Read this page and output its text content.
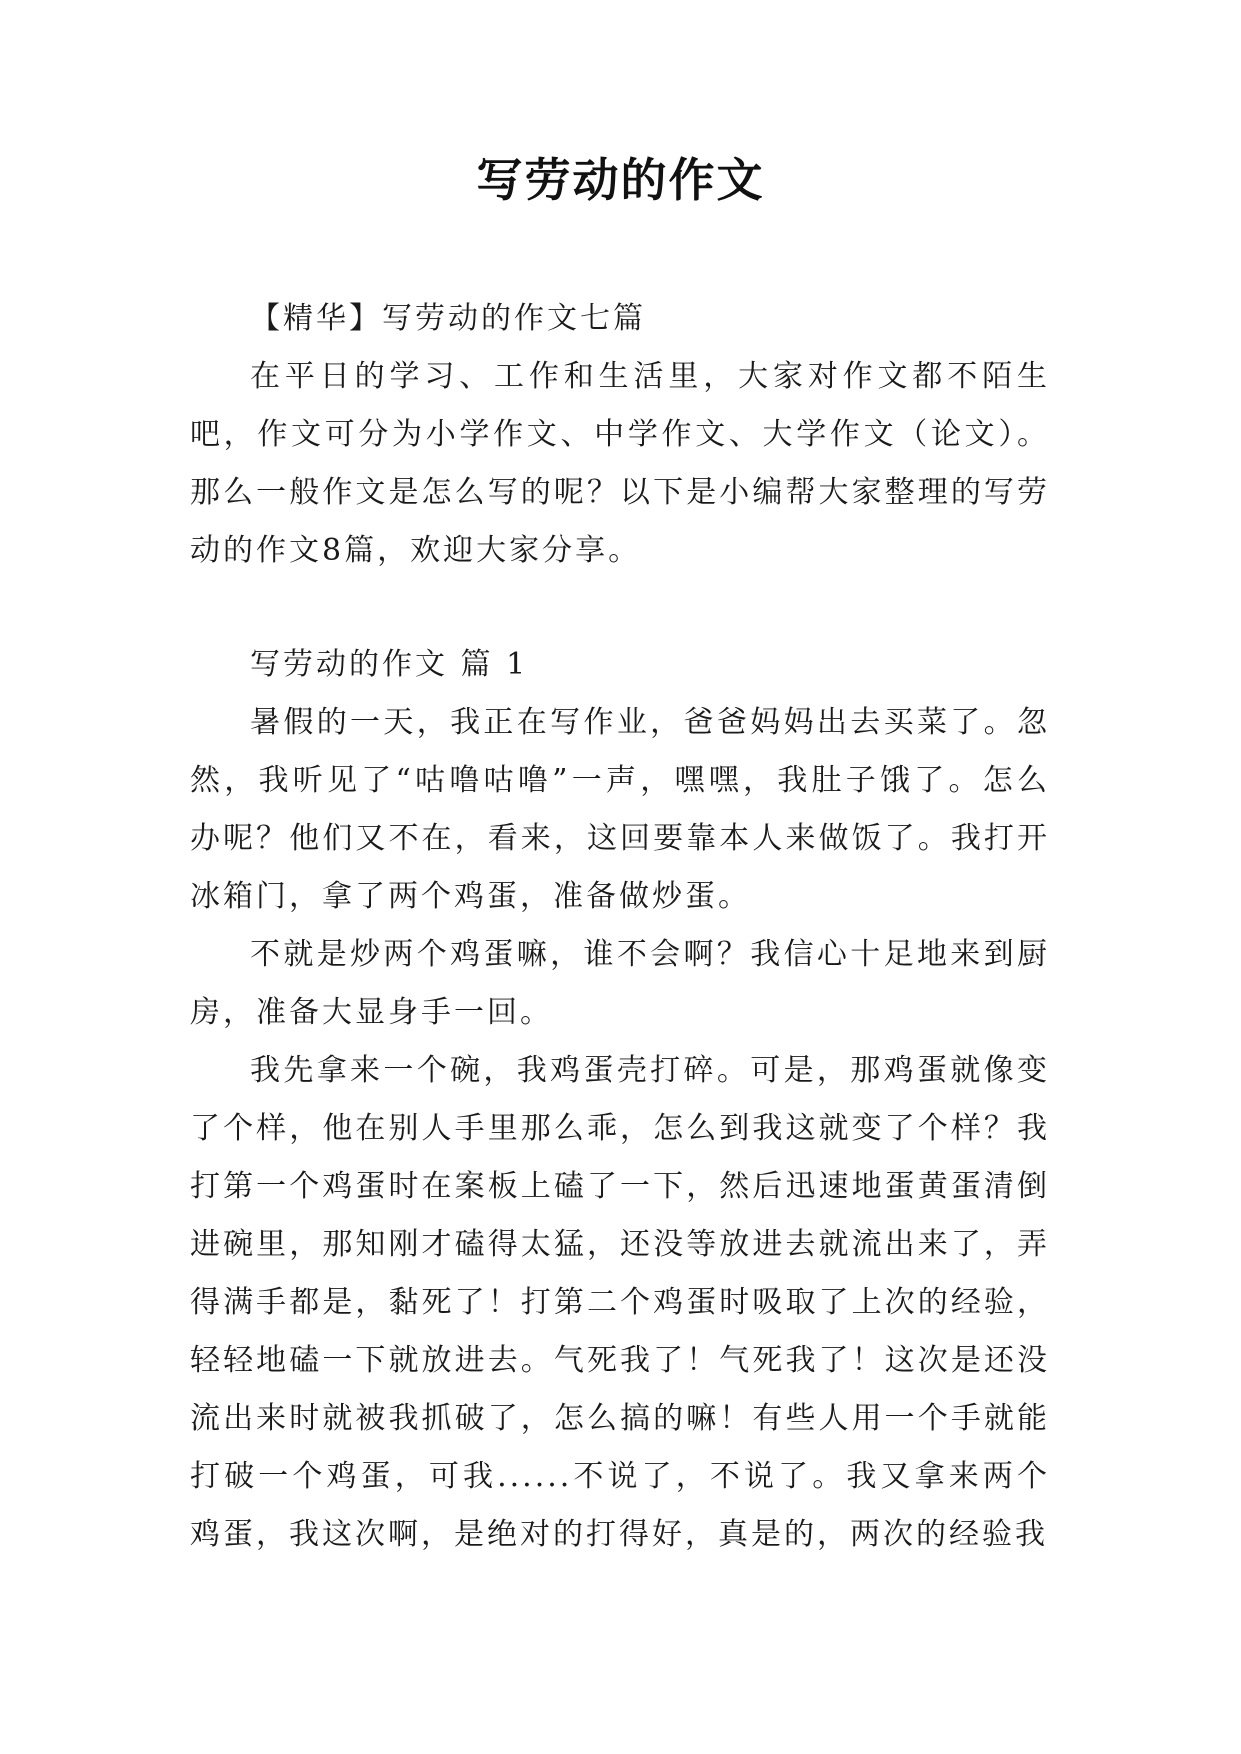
写劳动的作文

【精华】写劳动的作文七篇

在平日的学习、工作和生活里，大家对作文都不陌生吧，作文可分为小学作文、中学作文、大学作文（论文）。那么一般作文是怎么写的呢？以下是小编帮大家整理的写劳动的作文8篇，欢迎大家分享。

写劳动的作文 篇 1

暑假的一天，我正在写作业，爸爸妈妈出去买菜了。忽然，我听见了“咕噜咕噜”一声，嘿嘿，我肚子饿了。怎么办呢？他们又不在，看来，这回要靠本人来做饭了。我打开冰箱门，拿了两个鸡蛋，准备做炒蛋。

不就是炒两个鸡蛋嘛，谁不会啊？我信心十足地来到厨房，准备大显身手一回。

我先拿来一个碗，我鸡蛋壳打碎。可是，那鸡蛋就像变了个样，他在别人手里那么乖，怎么到我这就变了个样？我打第一个鸡蛋时在案板上磕了一下，然后迅速地蛋黄蛋清倒进碗里，那知刚才磕得太猛，还没等放进去就流出来了，弄得满手都是，黏死了！打第二个鸡蛋时吸取了上次的经验，轻轻地磕一下就放进去。气死我了！气死我了！这次是还没流出来时就被我抓破了，怎么搞的嘛！有些人用一个手就能打破一个鸡蛋，可我......不说了，不说了。我又拿来两个鸡蛋，我这次啊，是绝对的打得好，真是的，两次的经验我
